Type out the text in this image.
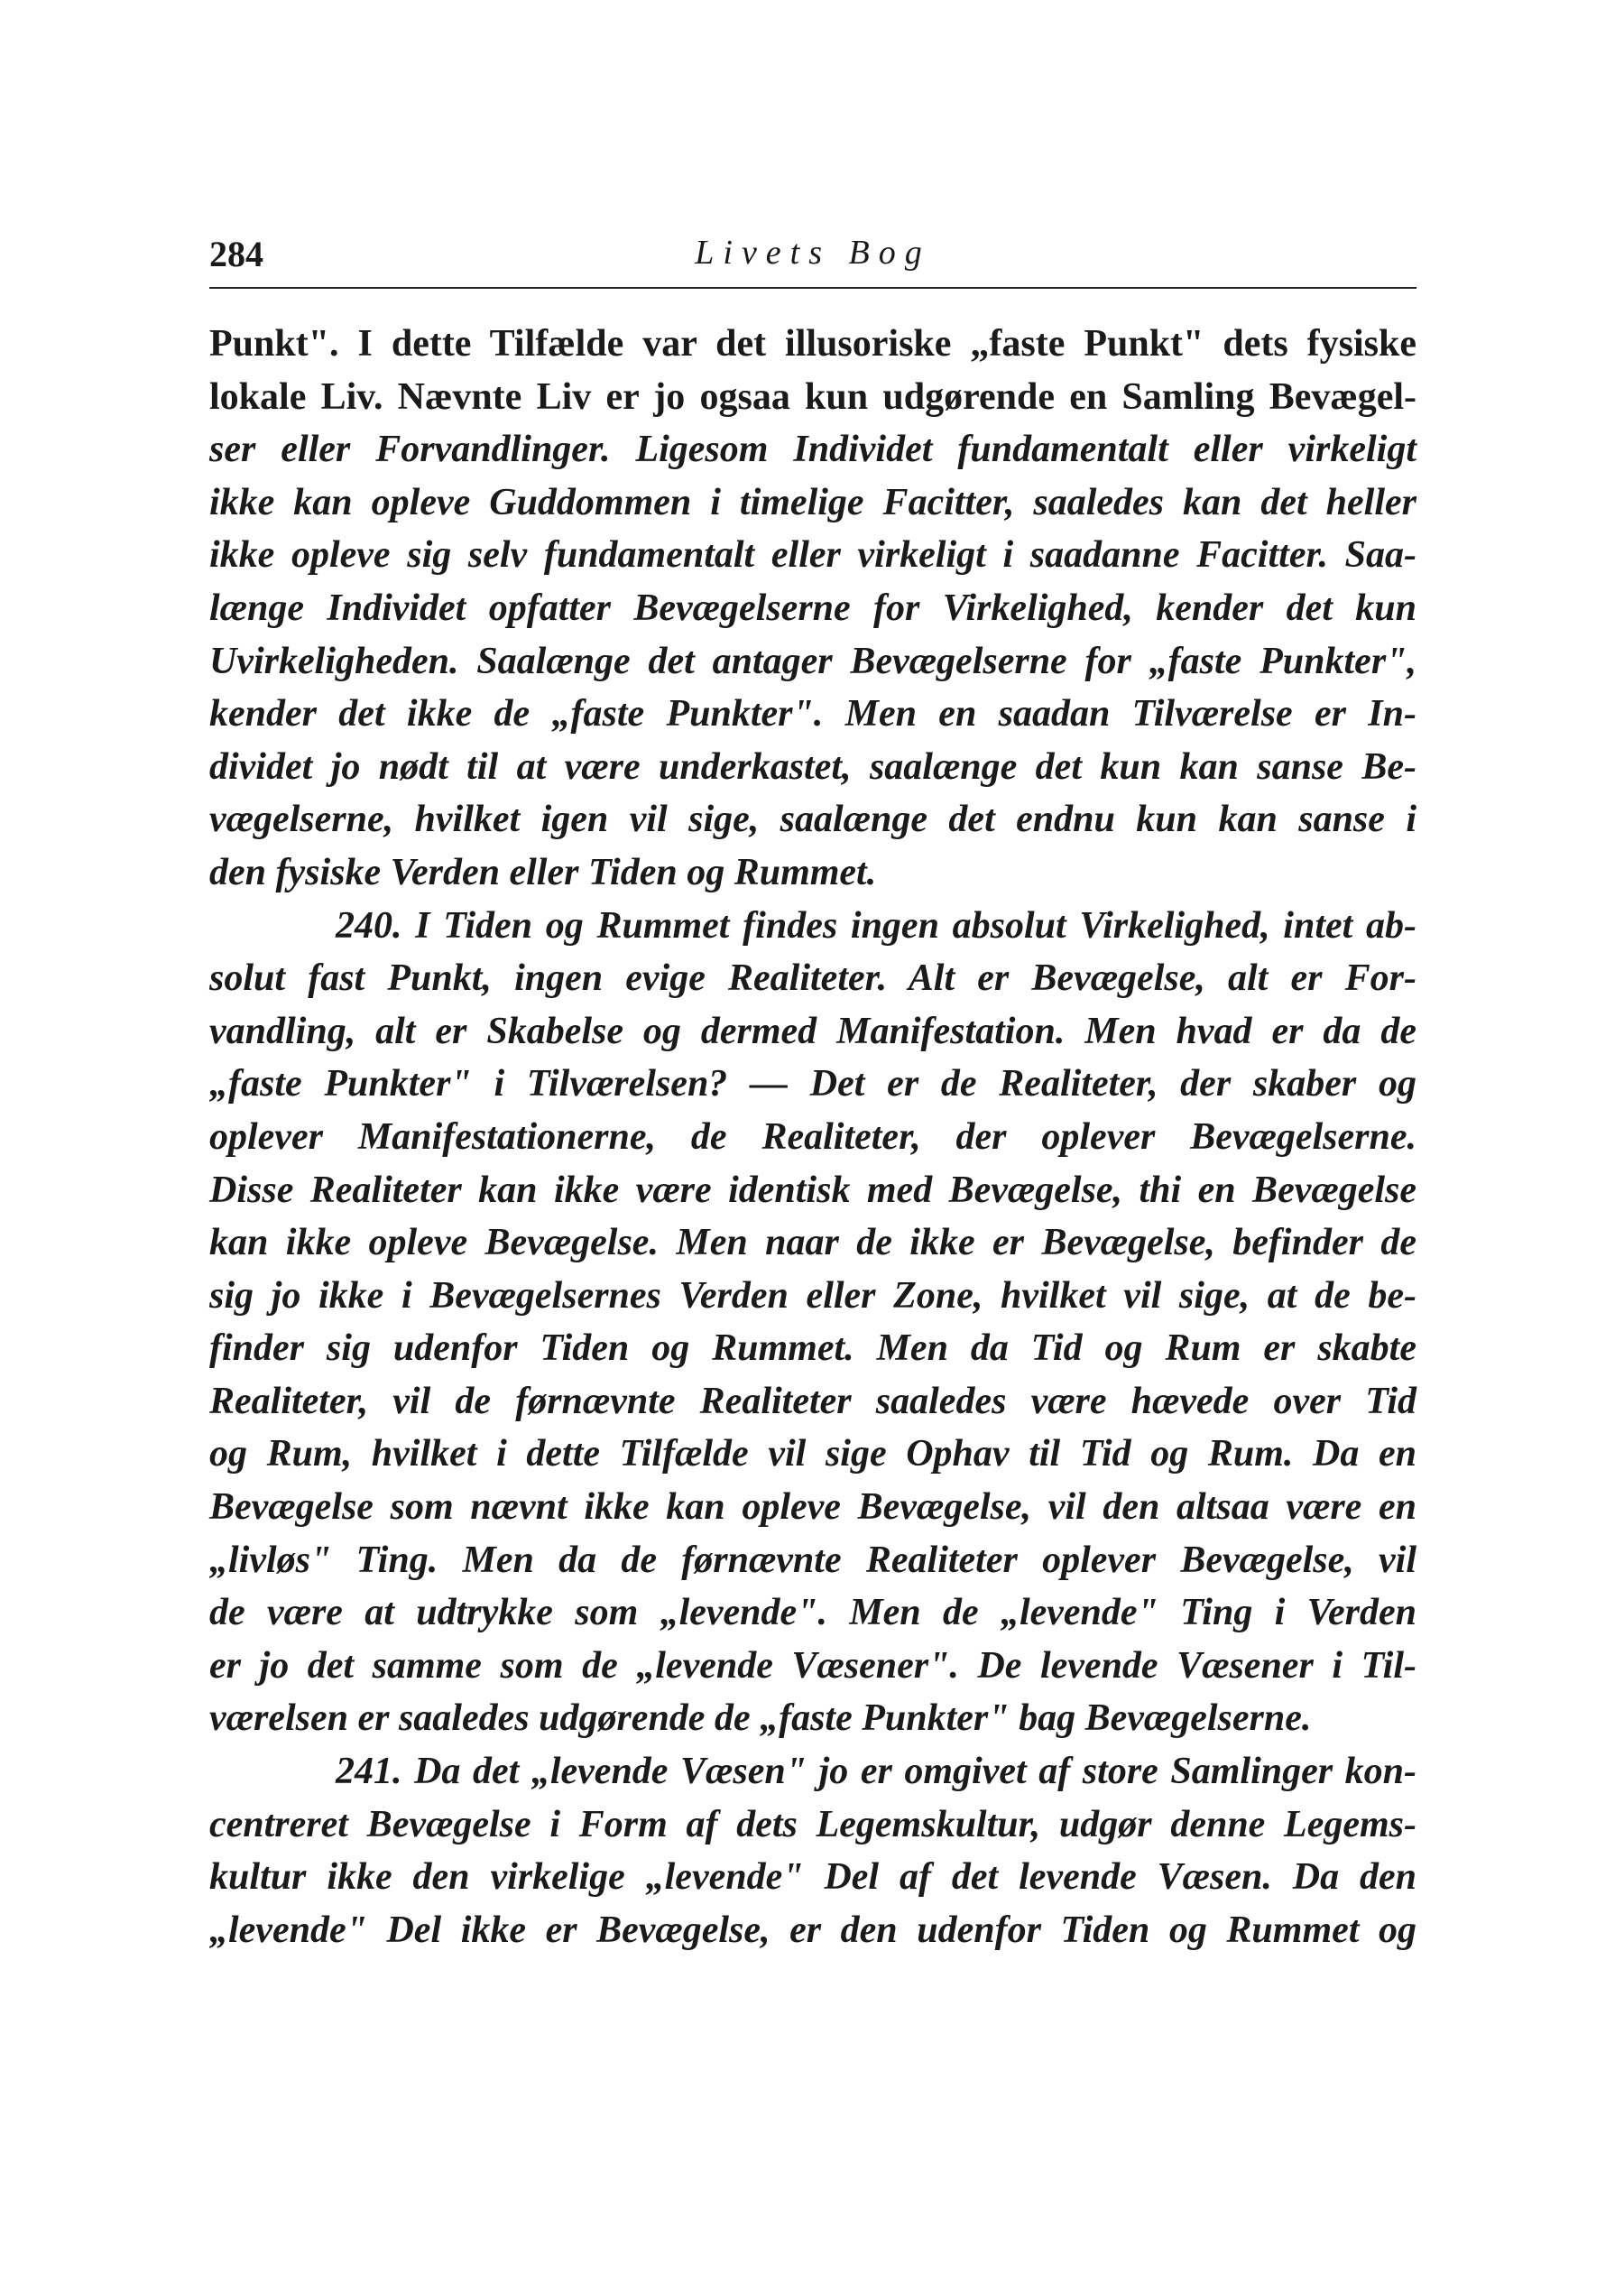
284	Livets Bog
Punkt". I dette Tilfælde var det illusoriske „faste Punkt" dets fysiske
lokale Liv. Nævnte Liv er jo ogsaa kun udgørende en Samling Bevægel-
ser eller Forvandlinger. Ligesom Individet fundamentalt eller virkeligt
ikke kan opleve Guddommen i timelige Facitter, saaledes kan det heller
ikke opleve sig selv fundamentalt eller virkeligt i saadanne Facitter. Saa-
længe Individet opfatter Bevægelserne for Virkelighed, kender det kun
Uvirkeligheden. Saalænge det antager Bevægelserne for „faste Punkter",
kender det ikke de „faste Punkter". Men en saadan Tilværelse er In-
dividet jo nødt til at være underkastet, saalænge det kun kan sanse Be-
vægelserne, hvilket igen vil sige, saalænge det endnu kun kan sanse i
den fysiske Verden eller Tiden og Rummet.
240. I Tiden og Rummet findes ingen absolut Virkelighed, intet ab-
solut fast Punkt, ingen evige Realiteter. Alt er Bevægelse, alt er For-
vandling, alt er Skabelse og dermed Manifestation. Men hvad er da de
„faste Punkter" i Tilværelsen? — Det er de Realiteter, der skaber og
oplever Manifestationerne, de Realiteter, der oplever Bevægelserne.
Disse Realiteter kan ikke være identisk med Bevægelse, thi en Bevægelse
kan ikke opleve Bevægelse. Men naar de ikke er Bevægelse, befinder de
sig jo ikke i Bevægelsernes Verden eller Zone, hvilket vil sige, at de be-
finder sig udenfor Tiden og Rummet. Men da Tid og Rum er skabte
Realiteter, vil de førnævnte Realiteter saaledes være hævede over Tid
og Rum, hvilket i dette Tilfælde vil sige Ophav til Tid og Rum. Da en
Bevægelse som nævnt ikke kan opleve Bevægelse, vil den altsaa være en
„livløs" Ting. Men da de førnævnte Realiteter oplever Bevægelse, vil
de være at udtrykke som „levende". Men de „levende" Ting i Verden
er jo det samme som de „levende Væsener". De levende Væsener i Til-
værelsen er saaledes udgørende de „faste Punkter" bag Bevægelserne.
241. Da det „levende Væsen" jo er omgivet af store Samlinger kon-
centreret Bevægelse i Form af dets Legemskultur, udgør denne Legems-
kultur ikke den virkelige „levende" Del af det levende Væsen. Da den
„levende" Del ikke er Bevægelse, er den udenfor Tiden og Rummet og
